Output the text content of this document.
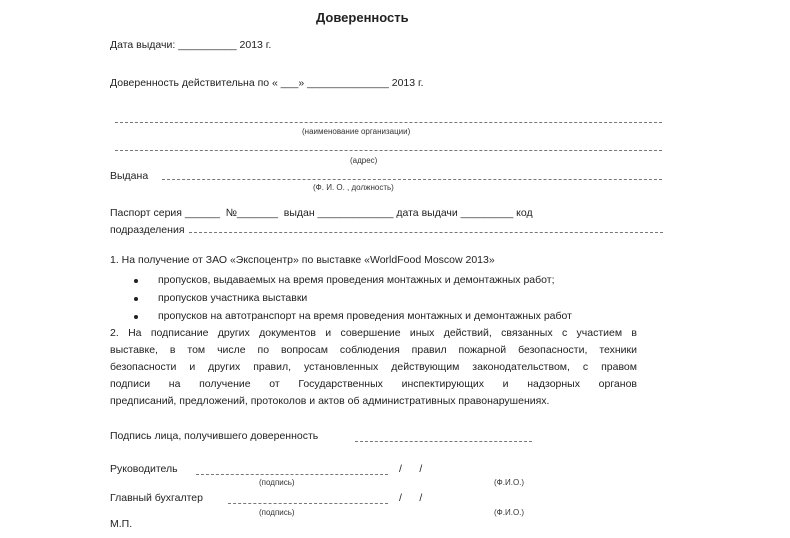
Доверенность
Дата выдачи: __________ 2013 г.
Доверенность действительна по « ___» ______________ 2013 г.
(наименование организации)
(адрес)
Выдана
(Ф. И. О. , должность)
Паспорт серия ______  №_______  выдан _____________ дата выдачи _________ код
подразделения
1. На получение от ЗАО «Экспоцентр» по выставке «WorldFood Moscow 2013»
пропусков, выдаваемых на время проведения монтажных и демонтажных работ;
пропусков участника выставки
пропусков на автотранспорт на время проведения монтажных и демонтажных работ
2. На подписание других документов и совершение иных действий, связанных с участием в
выставке, в том числе по вопросам соблюдения правил пожарной безопасности, техники
безопасности и других правил, установленных действующим законодательством, с правом
подписи на получение от Государственных инспектирующих и надзорных органов
предписаний, предложений, протоколов и актов об административных правонарушениях.
Подпись лица, получившего доверенность
Руководитель	/      /
(подпись)	(Ф.И.О.)
Главный бухгалтер	/      /
(подпись)	(Ф.И.О.)
М.П.
